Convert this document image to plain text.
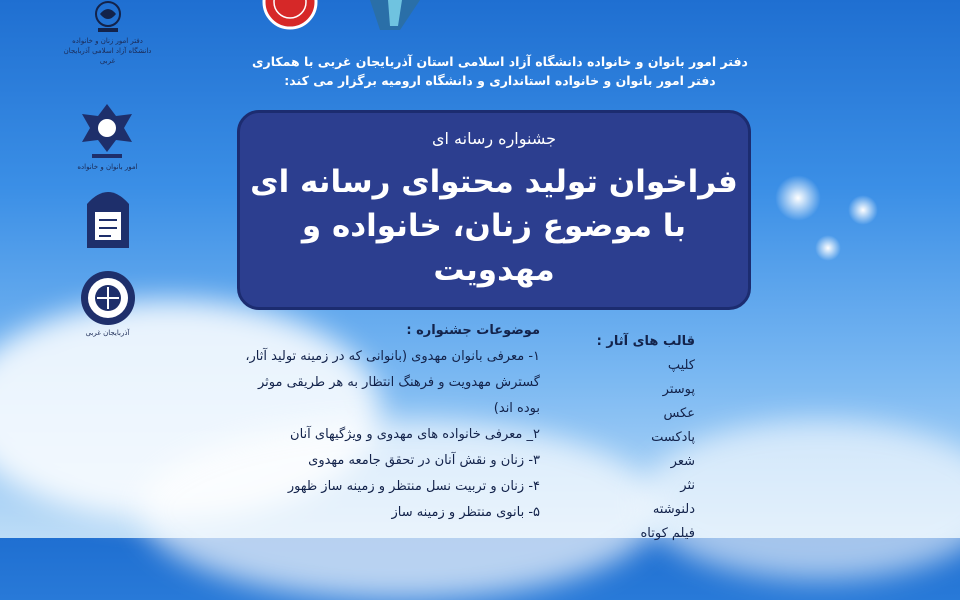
دفتر امور زنان و خانواده
دانشگاه آزاد اسلامی آذربایجان غربی
امور بانوان و خانواده
آذربایجان غربی
دفتر امور بانوان و خانواده دانشگاه آزاد اسلامی استان آذربایجان غربی با همکاری
دفتر امور بانوان و خانواده استانداری و دانشگاه ارومیه برگزار می کند:
جشنواره رسانه ای
فراخوان تولید محتوای رسانه ای
با موضوع زنان، خانواده و مهدویت
موضوعات جشنواره :
۱- معرفی بانوان مهدوی (بانوانی که در زمینه تولید آثار،
گسترش مهدویت و فرهنگ انتظار به هر طریقی موثر
بوده اند)
۲_ معرفی خانواده های مهدوی و ویژگیهای آنان
۳- زنان و نقش آنان در تحقق جامعه مهدوی
۴- زنان و تربیت نسل منتظر و زمینه ساز ظهور
۵- بانوی منتظر و زمینه ساز
قالب های آثار :
کلیپ
پوستر
عکس
پادکست
شعر
نثر
دلنوشته
فیلم کوتاه
